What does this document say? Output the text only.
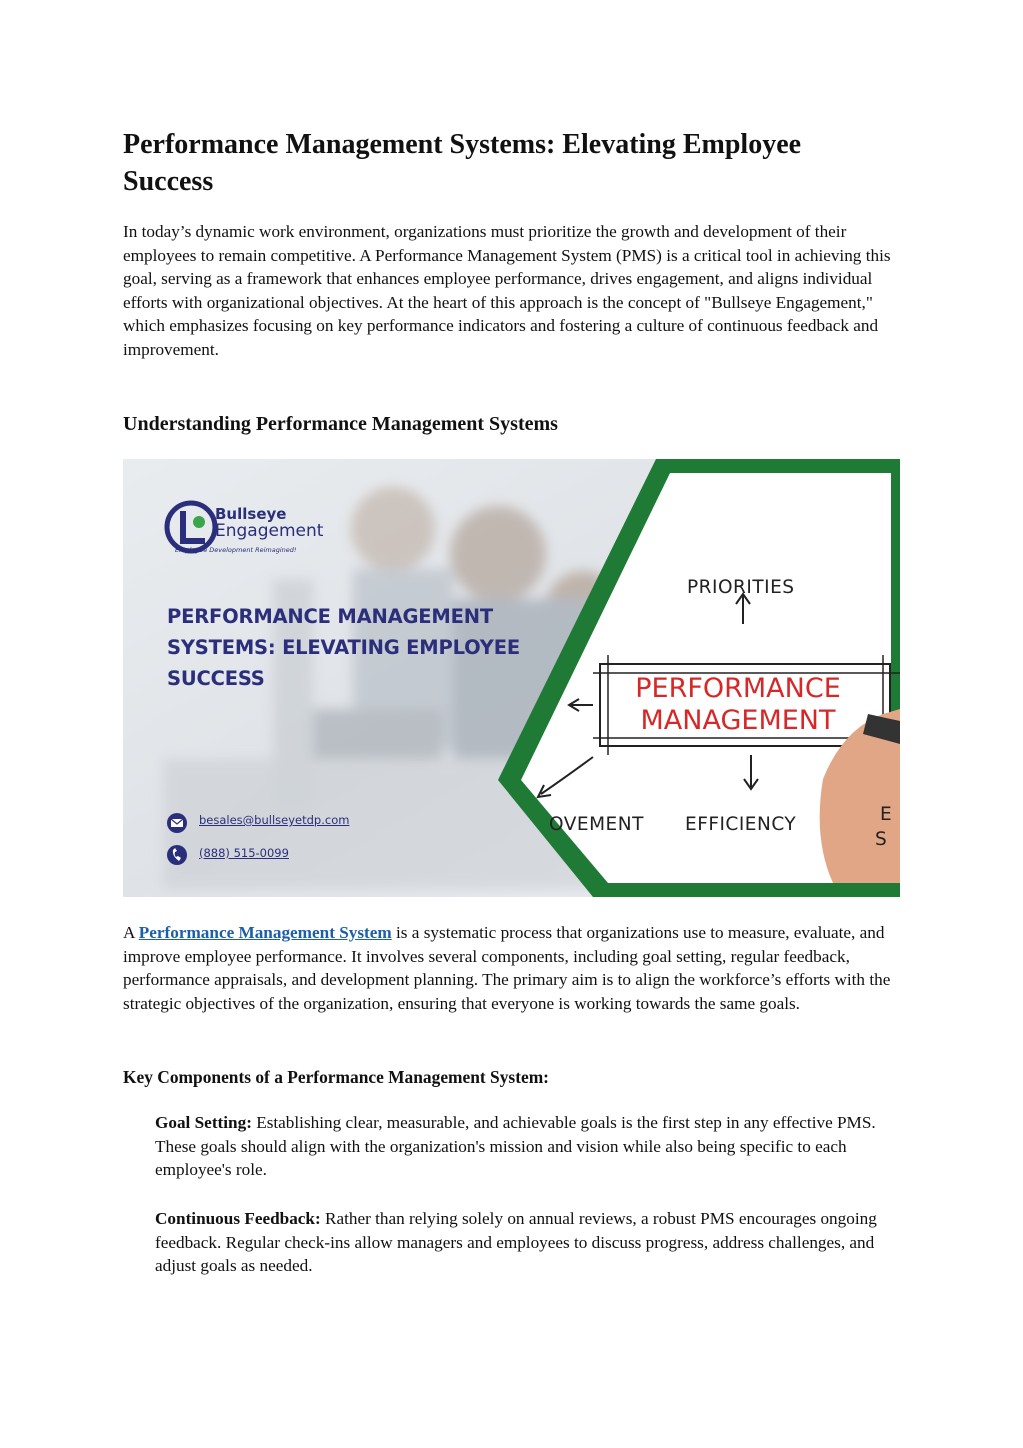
Performance Management Systems: Elevating Employee Success

In today’s dynamic work environment, organizations must prioritize the growth and development of their employees to remain competitive. A Performance Management System (PMS) is a critical tool in achieving this goal, serving as a framework that enhances employee performance, drives engagement, and aligns individual efforts with organizational objectives. At the heart of this approach is the concept of "Bullseye Engagement," which emphasizes focusing on key performance indicators and fostering a culture of continuous feedback and improvement.

Understanding Performance Management Systems
Bullseye
Engagement
Employee Development Reimagined!

PERFORMANCE MANAGEMENT
SYSTEMS: ELEVATING EMPLOYEE
SUCCESS

besales@bullseyetdp.com
(888) 515-0099
PRIORITIES
PERFORMANCE
MANAGEMENT
OVEMENT EFFICIENCY	E
S

A Performance Management System is a systematic process that organizations use to measure, evaluate, and improve employee performance. It involves several components, including goal setting, regular feedback, performance appraisals, and development planning. The primary aim is to align the workforce’s efforts with the strategic objectives of the organization, ensuring that everyone is working towards the same goals.

Key Components of a Performance Management System:

Goal Setting: Establishing clear, measurable, and achievable goals is the first step in any effective PMS. These goals should align with the organization's mission and vision while also being specific to each employee's role.

Continuous Feedback: Rather than relying solely on annual reviews, a robust PMS encourages ongoing feedback. Regular check-ins allow managers and employees to discuss progress, address challenges, and adjust goals as needed.
